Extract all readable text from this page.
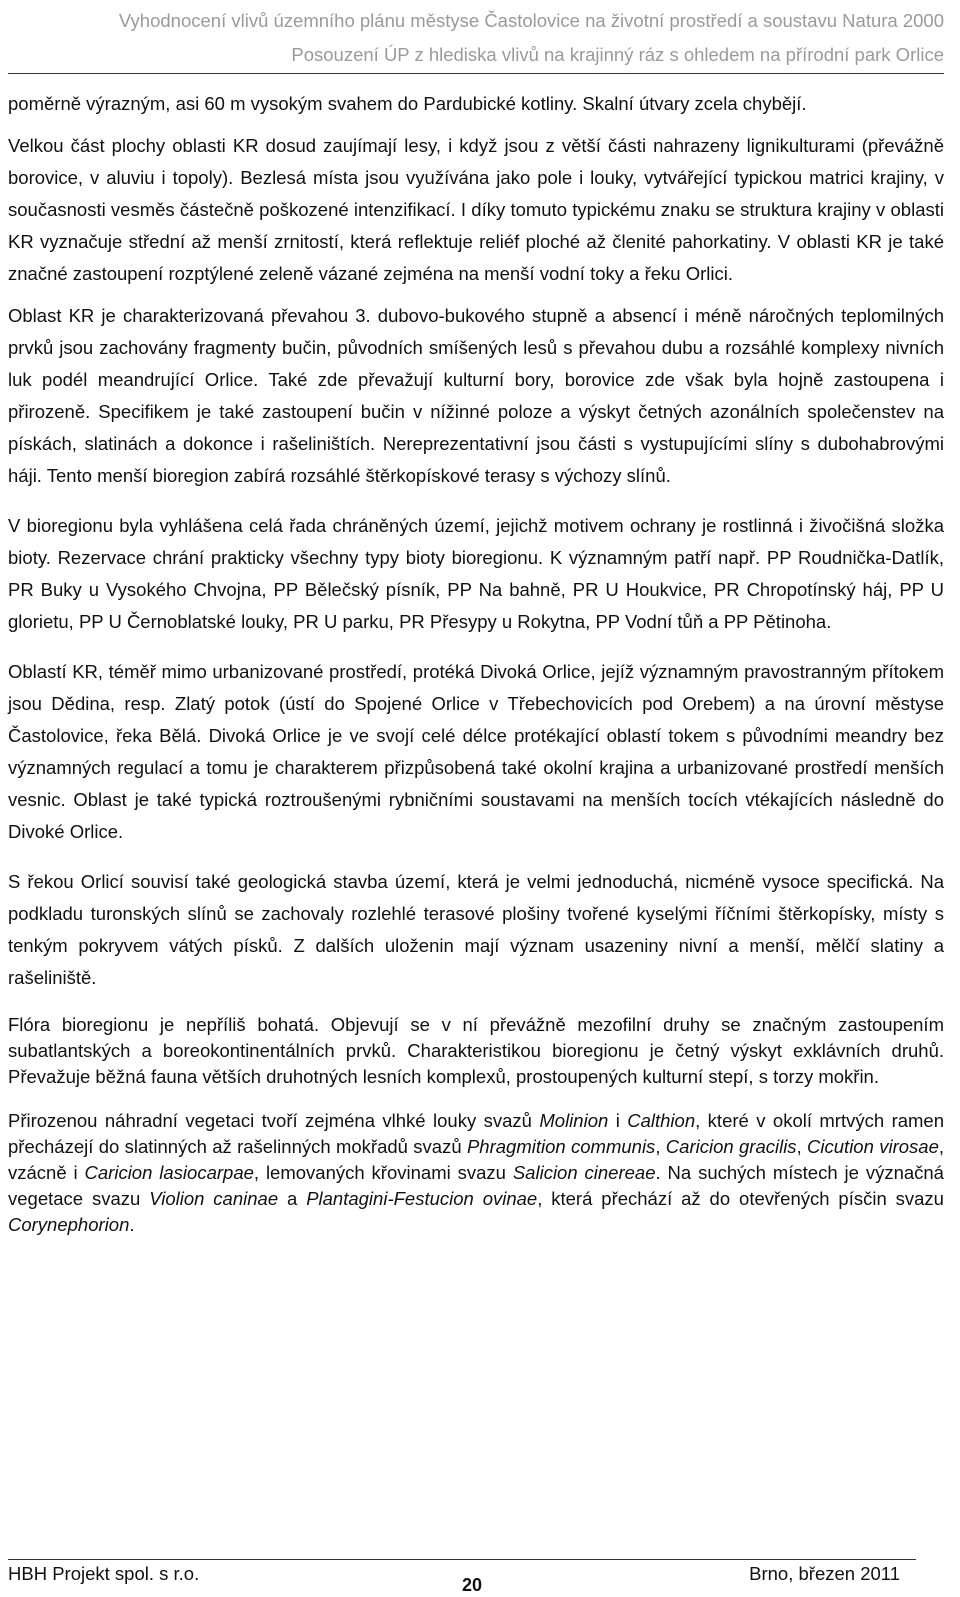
Vyhodnocení vlivů územního plánu městyse Častolovice na životní prostředí a soustavu Natura 2000
Posouzení ÚP z hlediska vlivů na krajinný ráz s ohledem na přírodní park Orlice

poměrně výrazným, asi 60 m vysokým svahem do Pardubické kotliny. Skalní útvary zcela chybějí.

Velkou část plochy oblasti KR dosud zaujímají lesy, i když jsou z větší části nahrazeny lignikulturami (převážně borovice, v aluviu i topoly). Bezlesá místa jsou využívána jako pole i louky, vytvářející typickou matrici krajiny, v současnosti vesměs částečně poškozené intenzifikací. I díky tomuto typickému znaku se struktura krajiny v oblasti KR vyznačuje střední až menší zrnitostí, která reflektuje reliéf ploché až členité pahorkatiny. V oblasti KR je také značné zastoupení rozptýlené zeleně vázané zejména na menší vodní toky a řeku Orlici.

Oblast KR je charakterizovaná převahou 3. dubovo-bukového stupně a absencí i méně náročných teplomilných prvků jsou zachovány fragmenty bučin, původních smíšených lesů s převahou dubu a rozsáhlé komplexy nivních luk podél meandrující Orlice. Také zde převažují kulturní bory, borovice zde však byla hojně zastoupena i přirozeně. Specifikem je také zastoupení bučin v nížinné poloze a výskyt četných azonálních společenstev na pískách, slatinách a dokonce i rašeliništích. Nereprezentativní jsou části s vystupujícími slíny s dubohabrovými háji. Tento menší bioregion zabírá rozsáhlé štěrkopískové terasy s výchozy slínů.

V bioregionu byla vyhlášena celá řada chráněných území, jejichž motivem ochrany je rostlinná i živočišná složka bioty. Rezervace chrání prakticky všechny typy bioty bioregionu. K významným patří např. PP Roudnička-Datlík, PR Buky u Vysokého Chvojna, PP Bělečský písník, PP Na bahně, PR U Houkvice, PR Chropotínský háj, PP U glorietu, PP U Černoblatské louky, PR U parku, PR Přesypy u Rokytna, PP Vodní tůň a PP Pětinoha.

Oblastí KR, téměř mimo urbanizované prostředí, protéká Divoká Orlice, jejíž významným pravostranným přítokem jsou Dědina, resp. Zlatý potok (ústí do Spojené Orlice v Třebechovicích pod Orebem) a na úrovní městyse Častolovice, řeka Bělá. Divoká Orlice je ve svojí celé délce protékající oblastí tokem s původními meandry bez významných regulací a tomu je charakterem přizpůsobená také okolní krajina a urbanizované prostředí menších vesnic. Oblast je také typická roztroušenými rybničními soustavami na menších tocích vtékajících následně do Divoké Orlice.

S řekou Orlicí souvisí také geologická stavba území, která je velmi jednoduchá, nicméně vysoce specifická. Na podkladu turonských slínů se zachovaly rozlehlé terasové plošiny tvořené kyselými říčními štěrkopísky, místy s tenkým pokryvem vátých písků. Z dalších uloženin mají význam usazeniny nivní a menší, mělčí slatiny a rašeliniště.

Flóra bioregionu je nepříliš bohatá. Objevují se v ní převážně mezofilní druhy se značným zastoupením subatlantských a boreokontinentálních prvků. Charakteristikou bioregionu je četný výskyt exklávních druhů. Převažuje běžná fauna větších druhotných lesních komplexů, prostoupených kulturní stepí, s torzy mokřin.

Přirozenou náhradní vegetaci tvoří zejména vlhké louky svazů Molinion i Calthion, které v okolí mrtvých ramen přecházejí do slatinných až rašelinných mokřadů svazů Phragmition communis, Caricion gracilis, Cicution virosae, vzácně i Caricion lasiocarpae, lemovaných křovinami svazu Salicion cinereae. Na suchých místech je význačná vegetace svazu Violion caninae a Plantagini-Festucion ovinae, která přechází až do otevřených písčin svazu Corynephorion.

HBH Projekt spol. s r.o.
20
Brno, březen 2011
